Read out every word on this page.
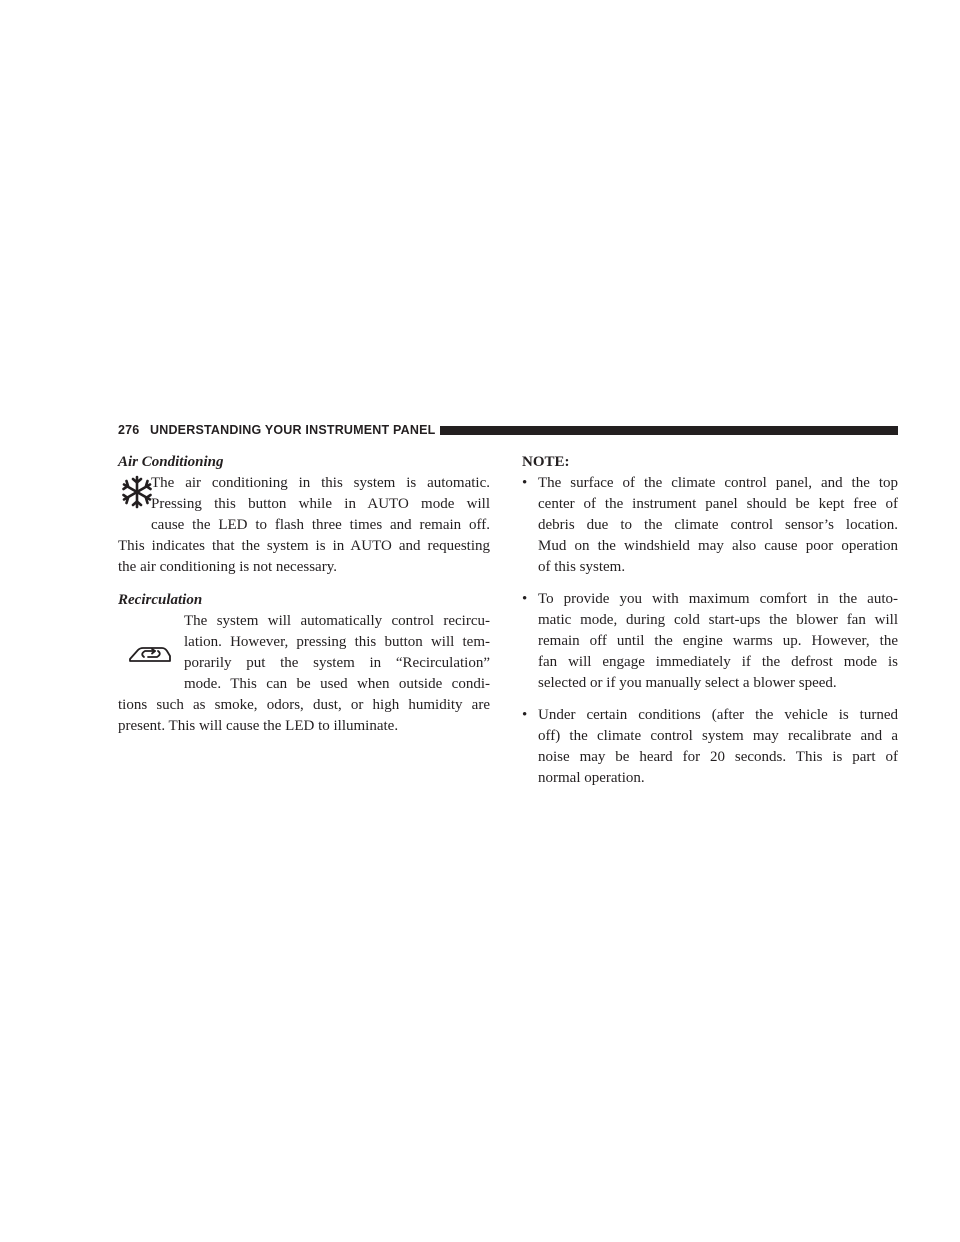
276 UNDERSTANDING YOUR INSTRUMENT PANEL
Air Conditioning
The air conditioning in this system is automatic.
Pressing this button while in AUTO mode will
cause the LED to flash three times and remain off.
This indicates that the system is in AUTO and requesting
the air conditioning is not necessary.
Recirculation
The system will automatically control recircu-
lation. However, pressing this button will tem-
porarily put the system in “Recirculation”
mode. This can be used when outside condi-
tions such as smoke, odors, dust, or high humidity are
present. This will cause the LED to illuminate.
NOTE:
• The surface of the climate control panel, and the top
center of the instrument panel should be kept free of
debris due to the climate control sensor’s location.
Mud on the windshield may also cause poor operation
of this system.
• To provide you with maximum comfort in the auto-
matic mode, during cold start-ups the blower fan will
remain off until the engine warms up. However, the
fan will engage immediately if the defrost mode is
selected or if you manually select a blower speed.
• Under certain conditions (after the vehicle is turned
off) the climate control system may recalibrate and a
noise may be heard for 20 seconds. This is part of
normal operation.
